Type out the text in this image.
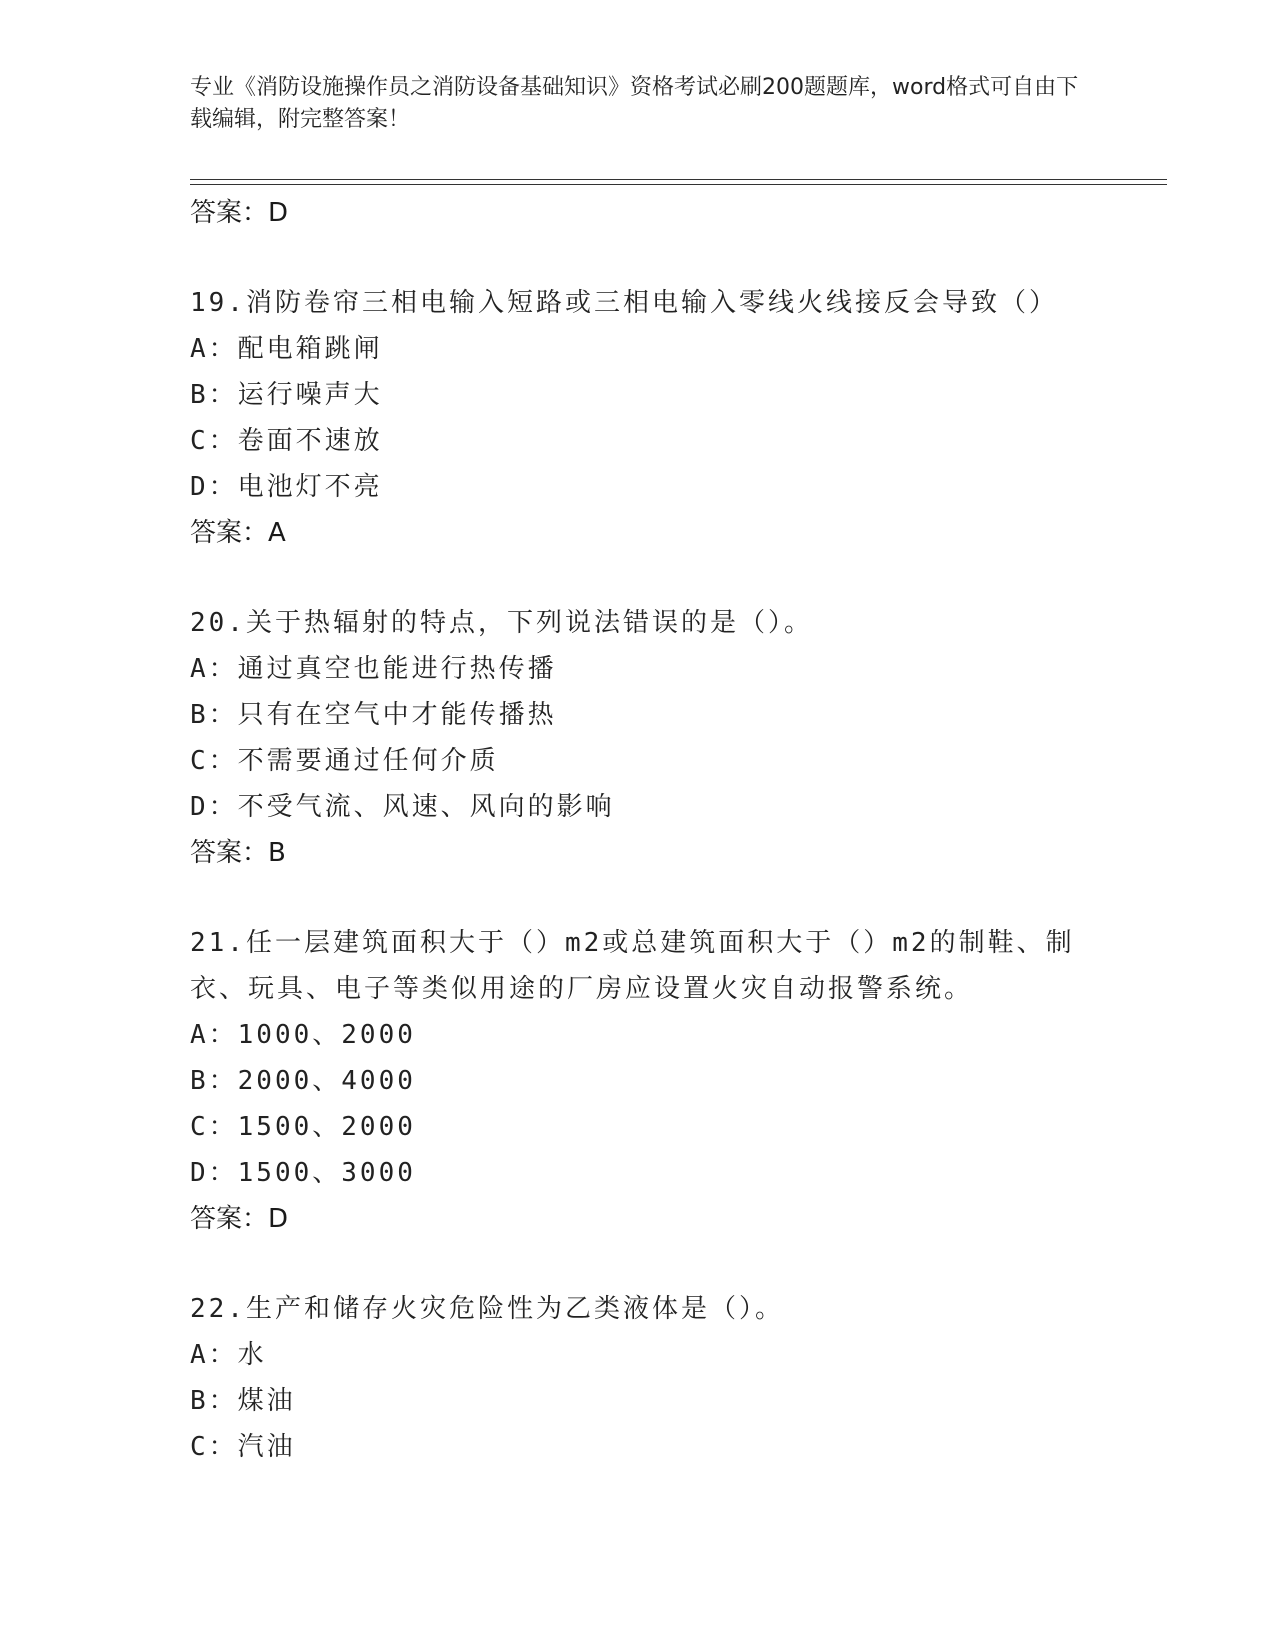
专业《消防设施操作员之消防设备基础知识》资格考试必刷200题题库，word格式可自由下载编辑，附完整答案！
答案：D
19.消防卷帘三相电输入短路或三相电输入零线火线接反会导致（）
A：配电箱跳闸
B：运行噪声大
C：卷面不速放
D：电池灯不亮
答案：A
20.关于热辐射的特点，下列说法错误的是（）。
A：通过真空也能进行热传播
B：只有在空气中才能传播热
C：不需要通过任何介质
D：不受气流、风速、风向的影响
答案：B
21.任一层建筑面积大于（）m2或总建筑面积大于（）m2的制鞋、制衣、玩具、电子等类似用途的厂房应设置火灾自动报警系统。
A：1000、2000
B：2000、4000
C：1500、2000
D：1500、3000
答案：D
22.生产和储存火灾危险性为乙类液体是（）。
A：水
B：煤油
C：汽油
